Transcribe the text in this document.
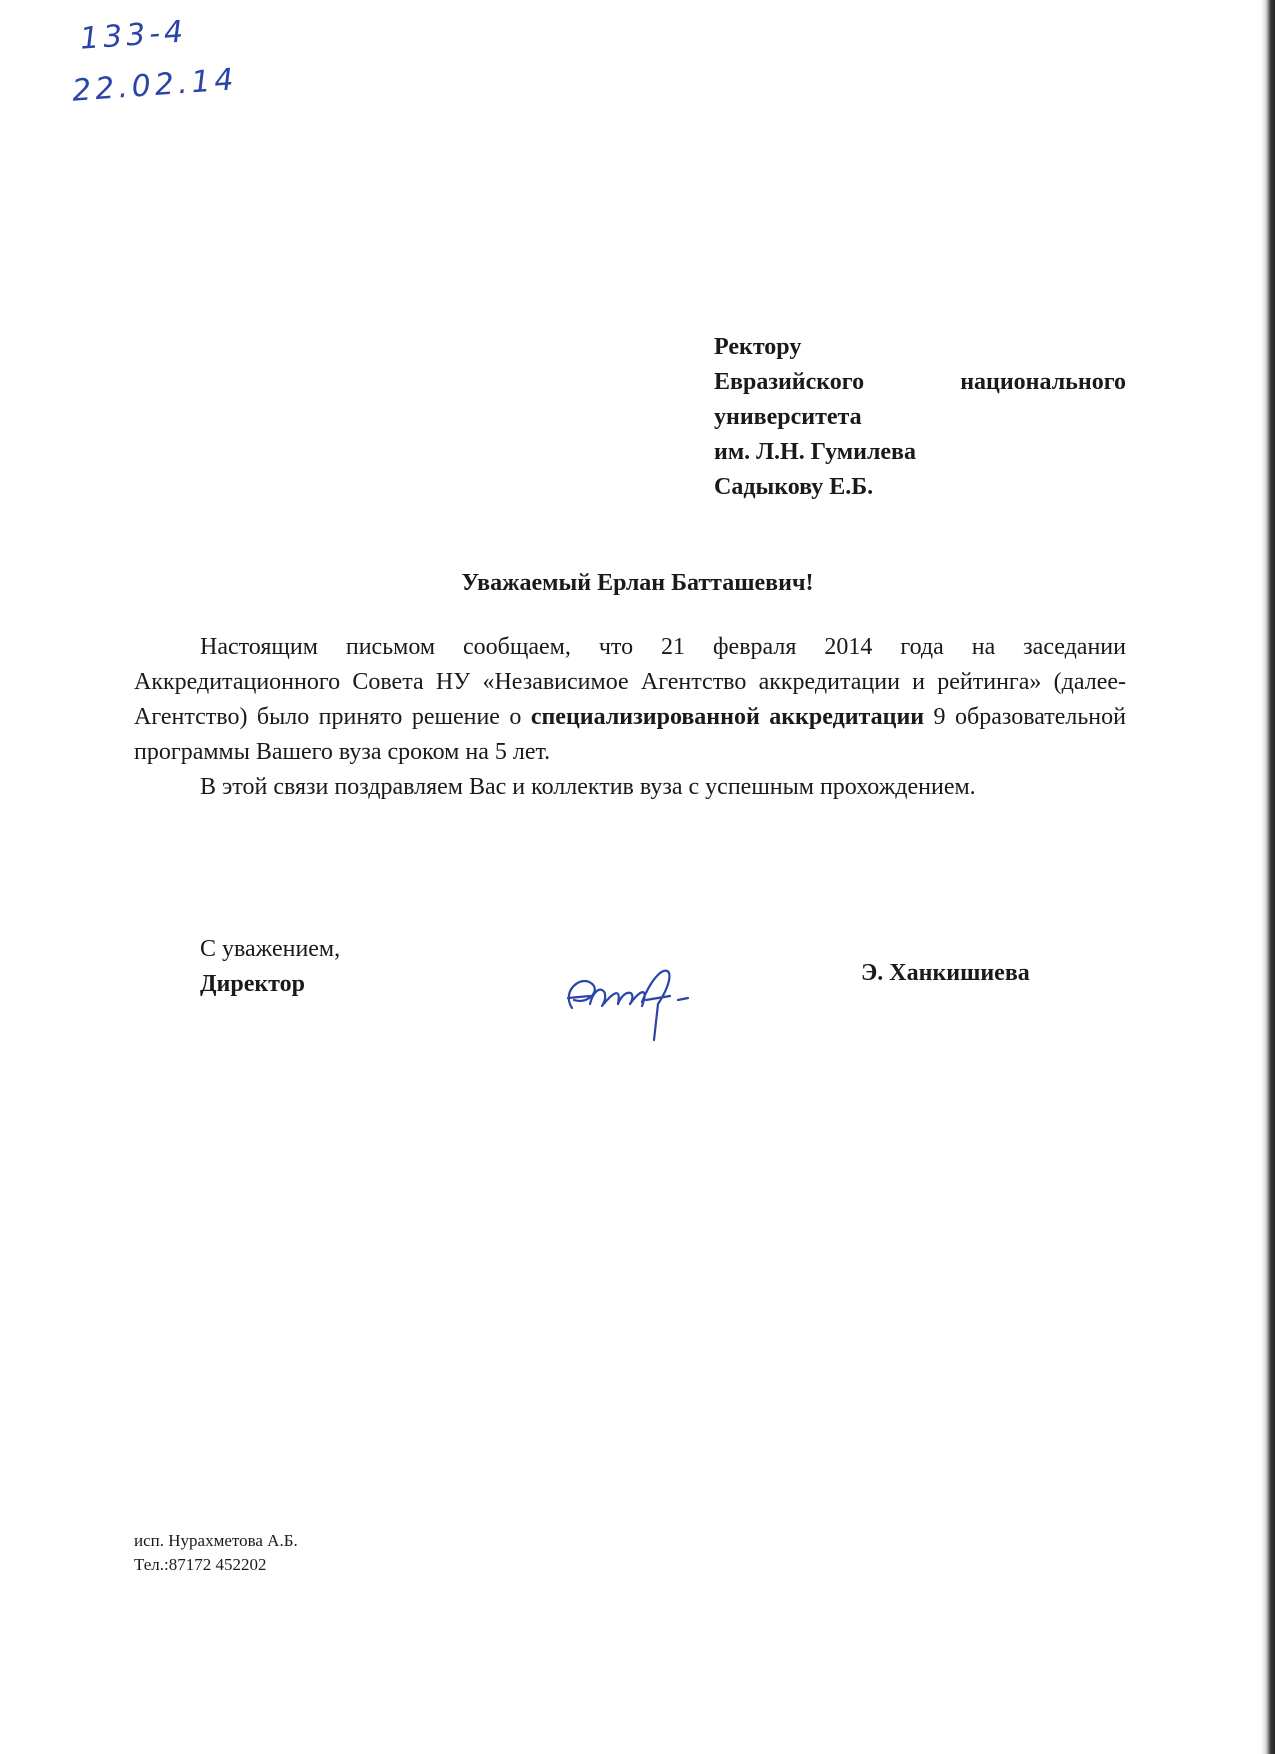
133-4
22.02.14
Ректору
Евразийского	национального
университета
им. Л.Н. Гумилева
Садыкову Е.Б.
Уважаемый Ерлан Батташевич!

Настоящим письмом сообщаем, что 21 февраля 2014 года на заседании Аккредитационного Совета НУ «Независимое Агентство аккредитации и рейтинга» (далее-Агентство) было принято решение о специализированной аккредитации 9 образовательной программы Вашего вуза сроком на 5 лет.

В этой связи поздравляем Вас и коллектив вуза с успешным прохождением.

С уважением,
Директор	Э. Ханкишиева
исп. Нурахметова А.Б.
Тел.:87172 452202
